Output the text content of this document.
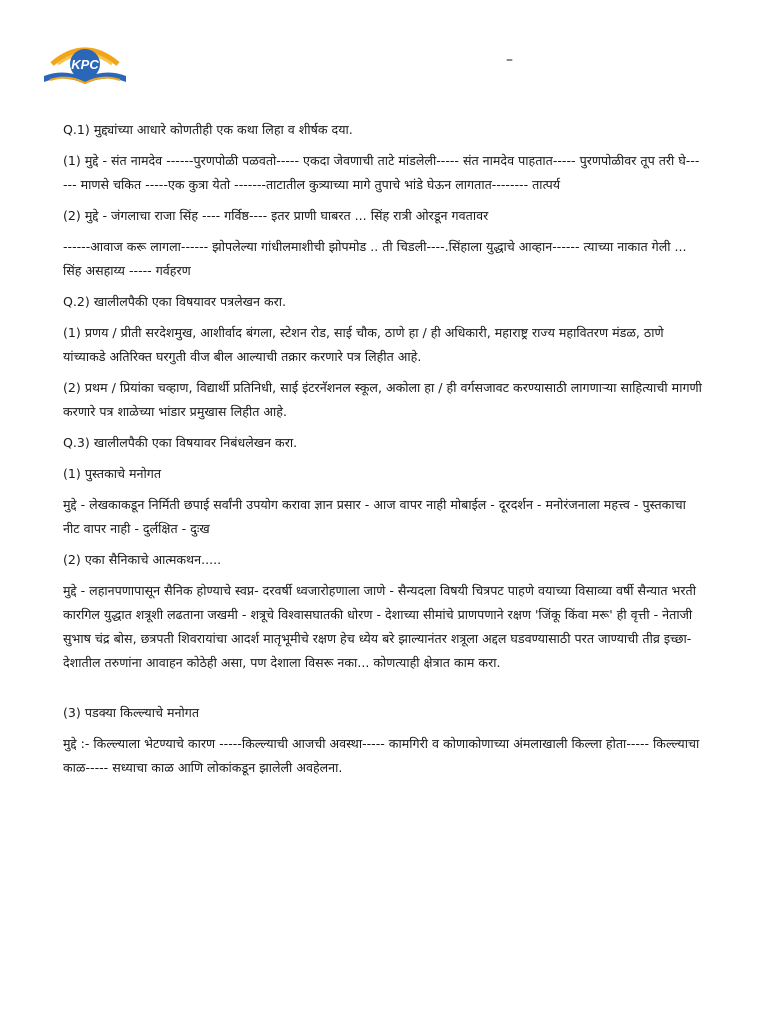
KPC	–

Q.1) मुद्द्यांच्या आधारे कोणतीही एक कथा लिहा व शीर्षक दया.

(1) मुद्दे - संत नामदेव ------पुरणपोळी पळवतो----- एकदा जेवणाची ताटे मांडलेली----- संत नामदेव पाहतात----- पुरणपोळीवर तूप तरी घे------ माणसे चकित -----एक कुत्रा येतो -------ताटातील कुत्र्याच्या मागे तुपाचे भांडे घेऊन लागतात-------- तात्पर्य

(2) मुद्दे - जंगलाचा राजा सिंह ---- गर्विष्ठ---- इतर प्राणी घाबरत ... सिंह रात्री ओरडून गवतावर

------आवाज करू लागला------ झोपलेल्या गांधीलमाशीची झोपमोड .. ती चिडली----.सिंहाला युद्धाचे आव्हान------ त्याच्या नाकात गेली ... सिंह असहाय्य ----- गर्वहरण

Q.2) खालीलपैकी एका विषयावर पत्रलेखन करा.

(1) प्रणय / प्रीती सरदेशमुख, आशीर्वाद बंगला, स्टेशन रोड, साई चौक, ठाणे हा / ही अधिकारी, महाराष्ट्र राज्य महावितरण मंडळ, ठाणे यांच्याकडे अतिरिक्त घरगुती वीज बील आल्याची तक्रार करणारे पत्र लिहीत आहे.

(2) प्रथम / प्रियांका चव्हाण, विद्यार्थी प्रतिनिधी, साई इंटरनॅशनल स्कूल, अकोला हा / ही वर्गसजावट करण्यासाठी लागणाऱ्या साहित्याची मागणी करणारे पत्र शाळेच्या भांडार प्रमुखास लिहीत आहे.

Q.3) खालीलपैकी एका विषयावर निबंधलेखन करा.

(1) पुस्तकाचे मनोगत

मुद्दे - लेखकाकडून निर्मिती छपाई सर्वांनी उपयोग करावा ज्ञान प्रसार - आज वापर नाही मोबाईल - दूरदर्शन - मनोरंजनाला महत्त्व - पुस्तकाचा नीट वापर नाही - दुर्लक्षित - दुःख

(2) एका सैनिकाचे आत्मकथन.....

मुद्दे - लहानपणापासून सैनिक होण्याचे स्वप्न- दरवर्षी ध्वजारोहणाला जाणे - सैन्यदला विषयी चित्रपट पाहणे वयाच्या विसाव्या वर्षी सैन्यात भरती कारगिल युद्धात शत्रूशी लढताना जखमी - शत्रूचे विश्वासघातकी धोरण - देशाच्या सीमांचे प्राणपणाने रक्षण 'जिंकू किंवा मरू' ही वृत्ती - नेताजी सुभाष चंद्र बोस, छत्रपती शिवरायांचा आदर्श मातृभूमीचे रक्षण हेच ध्येय बरे झाल्यानंतर शत्रूला अद्दल घडवण्यासाठी परत जाण्याची तीव्र इच्छा- देशातील तरुणांना आवाहन कोठेही असा, पण देशाला विसरू नका... कोणत्याही क्षेत्रात काम करा.

(3) पडक्या किल्ल्याचे मनोगत

मुद्दे :- किल्ल्याला भेटण्याचे कारण -----किल्ल्याची आजची अवस्था----- कामगिरी व कोणाकोणाच्या अंमलाखाली किल्ला होता----- किल्ल्याचा काळ----- सध्याचा काळ आणि लोकांकडून झालेली अवहेलना.
